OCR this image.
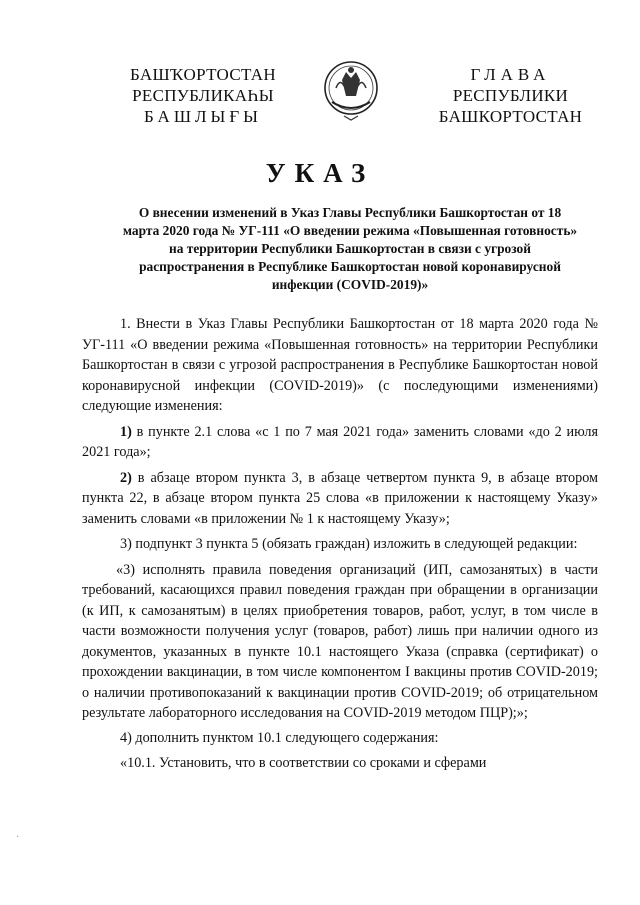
БАШҠОРТОСТАН
РЕСПУБЛИКАҺЫ
БАШЛЫҒЫ
ГЛАВА
РЕСПУБЛИКИ
БАШКОРТОСТАН
УКАЗ
О внесении изменений в Указ Главы Республики Башкортостан от 18 марта 2020 года № УГ-111 «О введении режима «Повышенная готовность» на территории Республики Башкортостан в связи с угрозой распространения в Республике Башкортостан новой коронавирусной инфекции (COVID-2019)»

1. Внести в Указ Главы Республики Башкортостан от 18 марта 2020 года № УГ-111 «О введении режима «Повышенная готовность» на территории Республики Башкортостан в связи с угрозой распространения в Республике Башкортостан новой коронавирусной инфекции (COVID-2019)» (с последующими изменениями) следующие изменения:

1) в пункте 2.1 слова «с 1 по 7 мая 2021 года» заменить словами «до 2 июля 2021 года»;

2) в абзаце втором пункта 3, в абзаце четвертом пункта 9, в абзаце втором пункта 22, в абзаце втором пункта 25 слова «в приложении к настоящему Указу» заменить словами «в приложении № 1 к настоящему Указу»;

3) подпункт 3 пункта 5 (обязать граждан) изложить в следующей редакции:

«3) исполнять правила поведения организаций (ИП, самозанятых) в части требований, касающихся правил поведения граждан при обращении в организации (к ИП, к самозанятым) в целях приобретения товаров, работ, услуг, в том числе в части возможности получения услуг (товаров, работ) лишь при наличии одного из документов, указанных в пункте 10.1 настоящего Указа (справка (сертификат) о прохождении вакцинации, в том числе компонентом I вакцины против COVID-2019; о наличии противопоказаний к вакцинации против COVID-2019; об отрицательном результате лабораторного исследования на COVID-2019 методом ПЦР);»;

4) дополнить пунктом 10.1 следующего содержания:

«10.1. Установить, что в соответствии со сроками и сферами

·
